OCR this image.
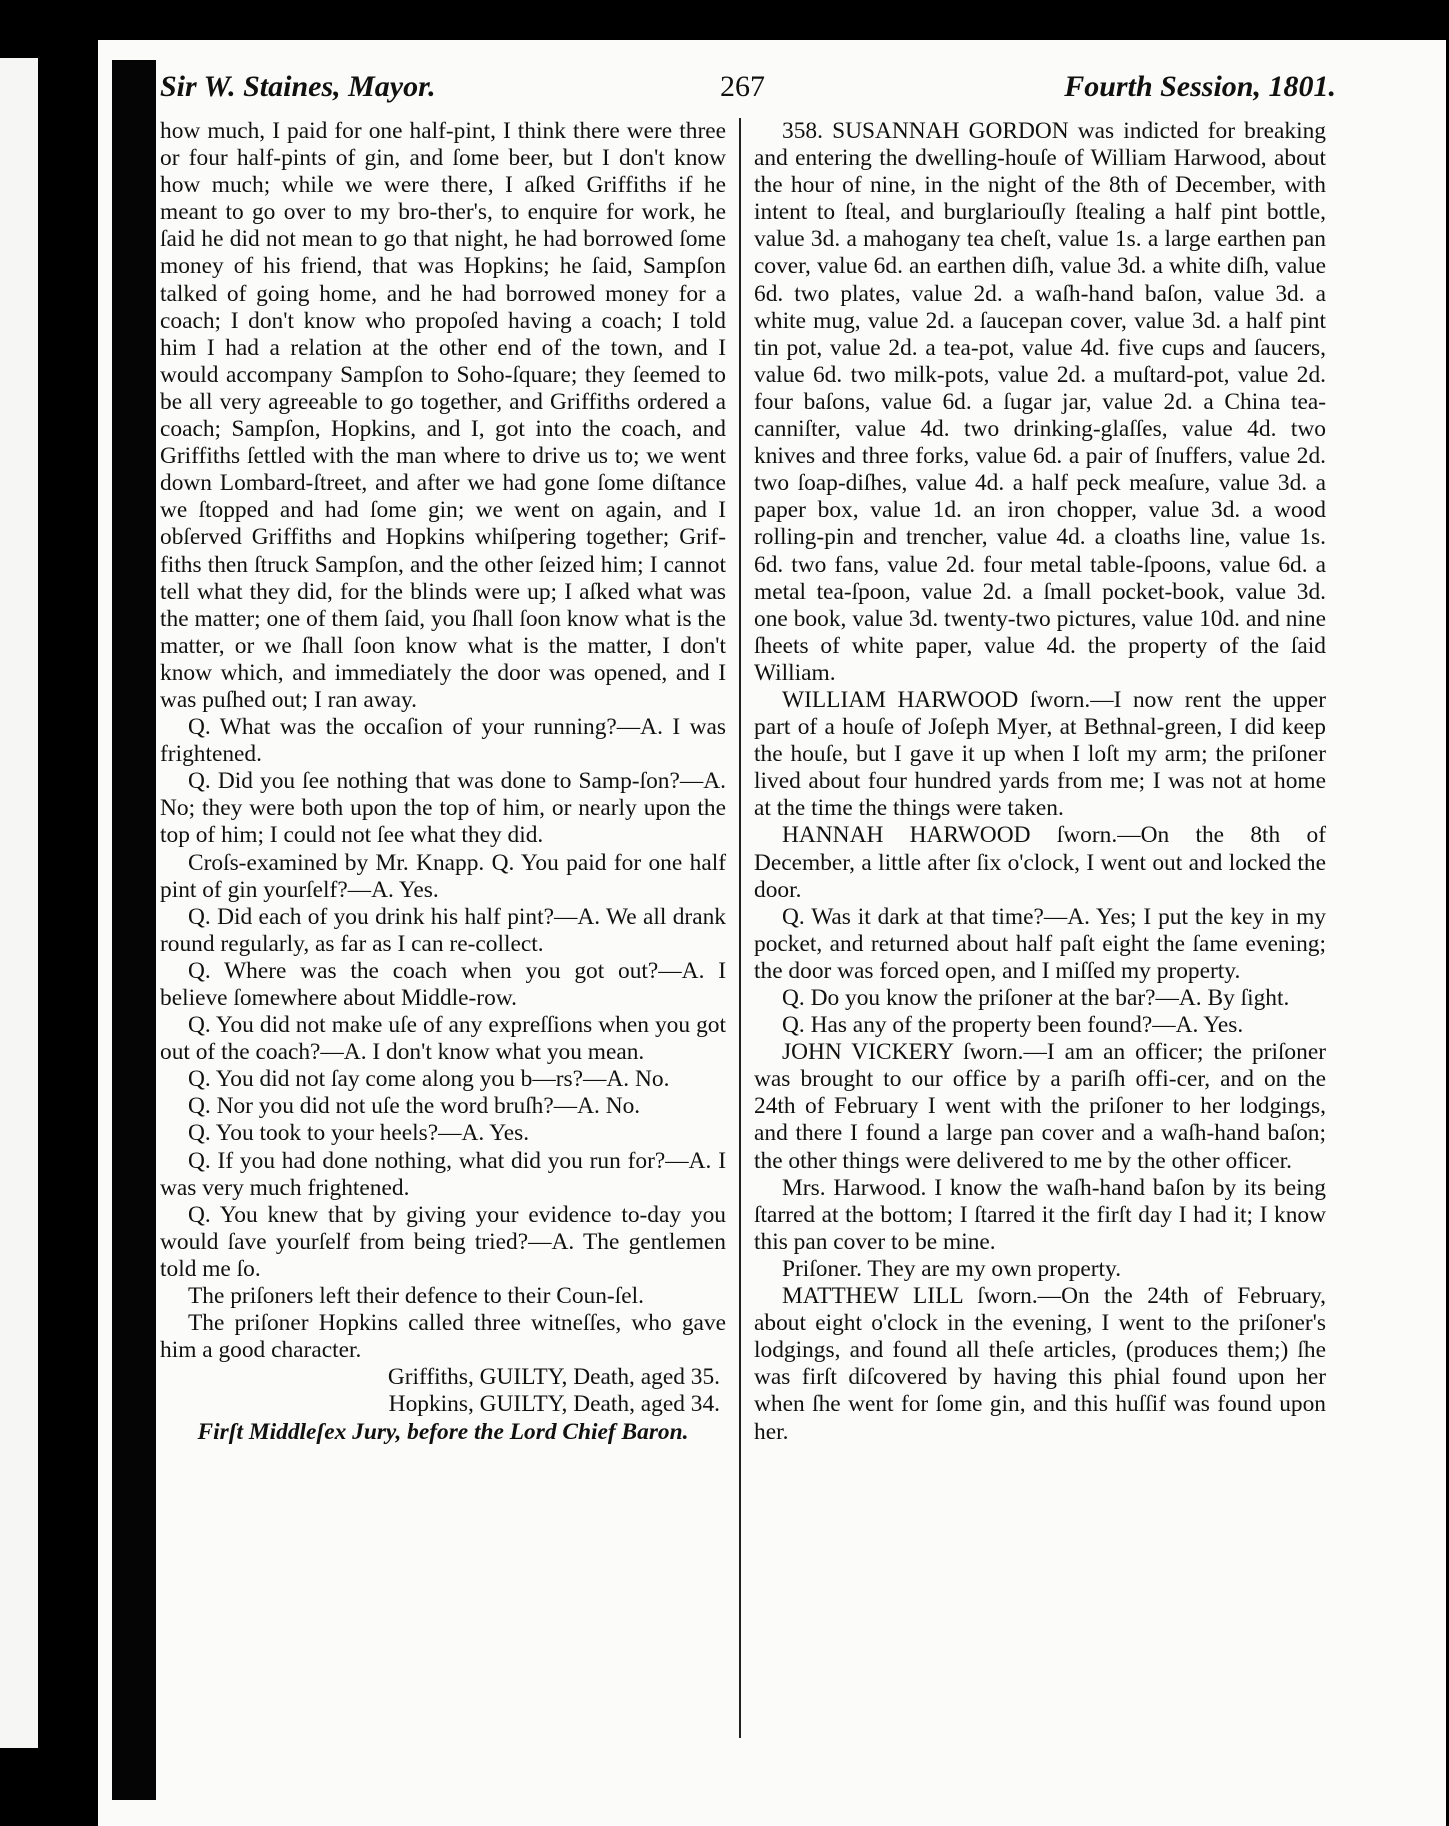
Sir W. Staines, Mayor.	267	Fourth Session, 1801.

how much, I paid for one half-pint, I think there were three or four half-pints of gin, and ſome beer, but I don't know how much; while we were there, I aſked Griffiths if he meant to go over to my bro-ther's, to enquire for work, he ſaid he did not mean to go that night, he had borrowed ſome money of his friend, that was Hopkins; he ſaid, Sampſon talked of going home, and he had borrowed money for a coach; I don't know who propoſed having a coach; I told him I had a relation at the other end of the town, and I would accompany Sampſon to Soho-ſquare; they ſeemed to be all very agreeable to go together, and Griffiths ordered a coach; Sampſon, Hopkins, and I, got into the coach, and Griffiths ſettled with the man where to drive us to; we went down Lombard-ſtreet, and after we had gone ſome diſtance we ſtopped and had ſome gin; we went on again, and I obſerved Griffiths and Hopkins whiſpering together; Grif-fiths then ſtruck Sampſon, and the other ſeized him; I cannot tell what they did, for the blinds were up; I aſked what was the matter; one of them ſaid, you ſhall ſoon know what is the matter, or we ſhall ſoon know what is the matter, I don't know which, and immediately the door was opened, and I was puſhed out; I ran away.

Q. What was the occaſion of your running?—A. I was frightened.

Q. Did you ſee nothing that was done to Samp-ſon?—A. No; they were both upon the top of him, or nearly upon the top of him; I could not ſee what they did.

Croſs-examined by Mr. Knapp. Q. You paid for one half pint of gin yourſelf?—A. Yes.

Q. Did each of you drink his half pint?—A. We all drank round regularly, as far as I can re-collect.

Q. Where was the coach when you got out?—A. I believe ſomewhere about Middle-row.

Q. You did not make uſe of any expreſſions when you got out of the coach?—A. I don't know what you mean.

Q. You did not ſay come along you b—rs?—A. No.

Q. Nor you did not uſe the word bruſh?—A. No.

Q. You took to your heels?—A. Yes.

Q. If you had done nothing, what did you run for?—A. I was very much frightened.

Q. You knew that by giving your evidence to-day you would ſave yourſelf from being tried?—A. The gentlemen told me ſo.

The priſoners left their defence to their Coun-ſel.

The priſoner Hopkins called three witneſſes, who gave him a good character.

Griffiths, GUILTY, Death, aged 35.

Hopkins, GUILTY, Death, aged 34.

Firſt Middleſex Jury, before the Lord Chief Baron.

358. SUSANNAH GORDON was indicted for breaking and entering the dwelling-houſe of William Harwood, about the hour of nine, in the night of the 8th of December, with intent to ſteal, and burglariouſly ſtealing a half pint bottle, value 3d. a mahogany tea cheſt, value 1s. a large earthen pan cover, value 6d. an earthen diſh, value 3d. a white diſh, value 6d. two plates, value 2d. a waſh-hand baſon, value 3d. a white mug, value 2d. a ſaucepan cover, value 3d. a half pint tin pot, value 2d. a tea-pot, value 4d. five cups and ſaucers, value 6d. two milk-pots, value 2d. a muſtard-pot, value 2d. four baſons, value 6d. a ſugar jar, value 2d. a China tea-canniſter, value 4d. two drinking-glaſſes, value 4d. two knives and three forks, value 6d. a pair of ſnuffers, value 2d. two ſoap-diſhes, value 4d. a half peck meaſure, value 3d. a paper box, value 1d. an iron chopper, value 3d. a wood rolling-pin and trencher, value 4d. a cloaths line, value 1s. 6d. two fans, value 2d. four metal table-ſpoons, value 6d. a metal tea-ſpoon, value 2d. a ſmall pocket-book, value 3d. one book, value 3d. twenty-two pictures, value 10d. and nine ſheets of white paper, value 4d. the property of the ſaid William.

WILLIAM HARWOOD ſworn.—I now rent the upper part of a houſe of Joſeph Myer, at Bethnal-green, I did keep the houſe, but I gave it up when I loſt my arm; the priſoner lived about four hundred yards from me; I was not at home at the time the things were taken.

HANNAH HARWOOD ſworn.—On the 8th of December, a little after ſix o'clock, I went out and locked the door.

Q. Was it dark at that time?—A. Yes; I put the key in my pocket, and returned about half paſt eight the ſame evening; the door was forced open, and I miſſed my property.

Q. Do you know the priſoner at the bar?—A. By ſight.

Q. Has any of the property been found?—A. Yes.

JOHN VICKERY ſworn.—I am an officer; the priſoner was brought to our office by a pariſh offi-cer, and on the 24th of February I went with the priſoner to her lodgings, and there I found a large pan cover and a waſh-hand baſon; the other things were delivered to me by the other officer.

Mrs. Harwood. I know the waſh-hand baſon by its being ſtarred at the bottom; I ſtarred it the firſt day I had it; I know this pan cover to be mine.

Priſoner. They are my own property.

MATTHEW LILL ſworn.—On the 24th of February, about eight o'clock in the evening, I went to the priſoner's lodgings, and found all theſe articles, (produces them;) ſhe was firſt diſcovered by having this phial found upon her when ſhe went for ſome gin, and this huſſif was found upon her.
